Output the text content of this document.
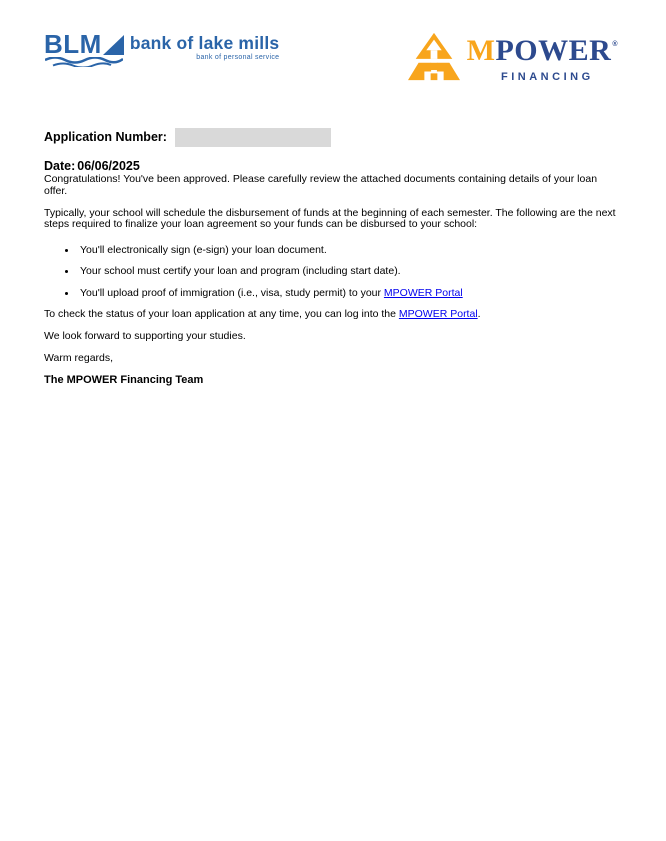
BLM bank of lake mills
bank of personal service	MPOWER®
FINANCING
Application Number:
Date: 06/06/2025

Congratulations! You've been approved. Please carefully review the attached documents containing details of your loan offer.

Typically, your school will schedule the disbursement of funds at the beginning of each semester. The following are the next steps required to finalize your loan agreement so your funds can be disbursed to your school:

• You'll electronically sign (e-sign) your loan document.
• Your school must certify your loan and program (including start date).
• You'll upload proof of immigration (i.e., visa, study permit) to your MPOWER Portal

To check the status of your loan application at any time, you can log into the MPOWER Portal.

We look forward to supporting your studies.

Warm regards,

The MPOWER Financing Team
